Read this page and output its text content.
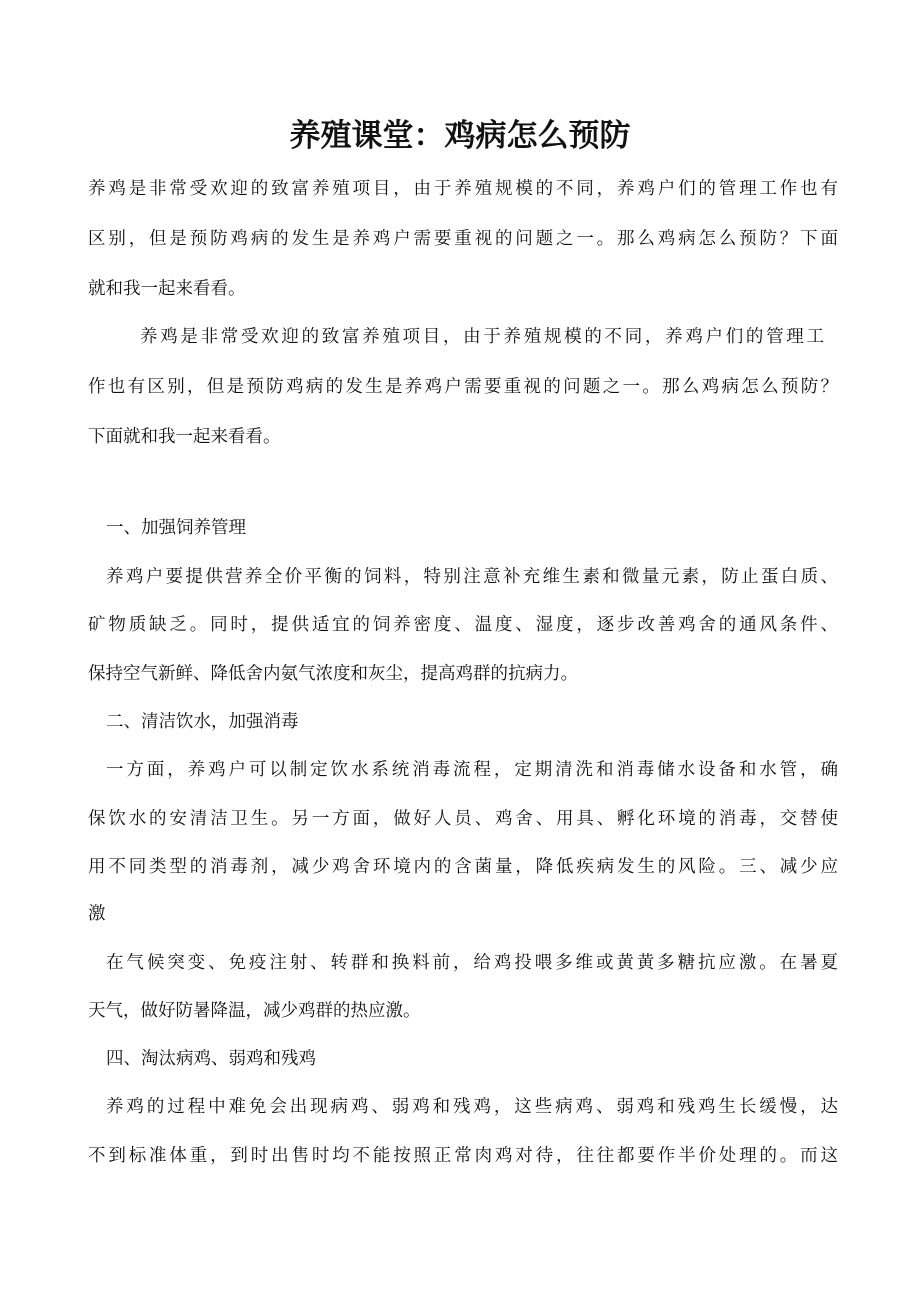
养殖课堂：鸡病怎么预防

养鸡是非常受欢迎的致富养殖项目，由于养殖规模的不同，养鸡户们的管理工作也有

区别，但是预防鸡病的发生是养鸡户需要重视的问题之一。那么鸡病怎么预防？下面

就和我一起来看看。

养鸡是非常受欢迎的致富养殖项目，由于养殖规模的不同，养鸡户们的管理工

作也有区别，但是预防鸡病的发生是养鸡户需要重视的问题之一。那么鸡病怎么预防？

下面就和我一起来看看。

一、加强饲养管理

养鸡户要提供营养全价平衡的饲料，特别注意补充维生素和微量元素，防止蛋白质、

矿物质缺乏。同时，提供适宜的饲养密度、温度、湿度，逐步改善鸡舍的通风条件、

保持空气新鲜、降低舍内氨气浓度和灰尘，提高鸡群的抗病力。

二、清洁饮水，加强消毒

一方面，养鸡户可以制定饮水系统消毒流程，定期清洗和消毒储水设备和水管，确

保饮水的安清洁卫生。另一方面，做好人员、鸡舍、用具、孵化环境的消毒，交替使

用不同类型的消毒剂，减少鸡舍环境内的含菌量，降低疾病发生的风险。三、减少应

激

在气候突变、免疫注射、转群和换料前，给鸡投喂多维或黄黄多糖抗应激。在暑夏

天气，做好防暑降温，减少鸡群的热应激。

四、淘汰病鸡、弱鸡和残鸡

养鸡的过程中难免会出现病鸡、弱鸡和残鸡，这些病鸡、弱鸡和残鸡生长缓慢，达

不到标准体重，到时出售时均不能按照正常肉鸡对待，往往都要作半价处理的。而这
